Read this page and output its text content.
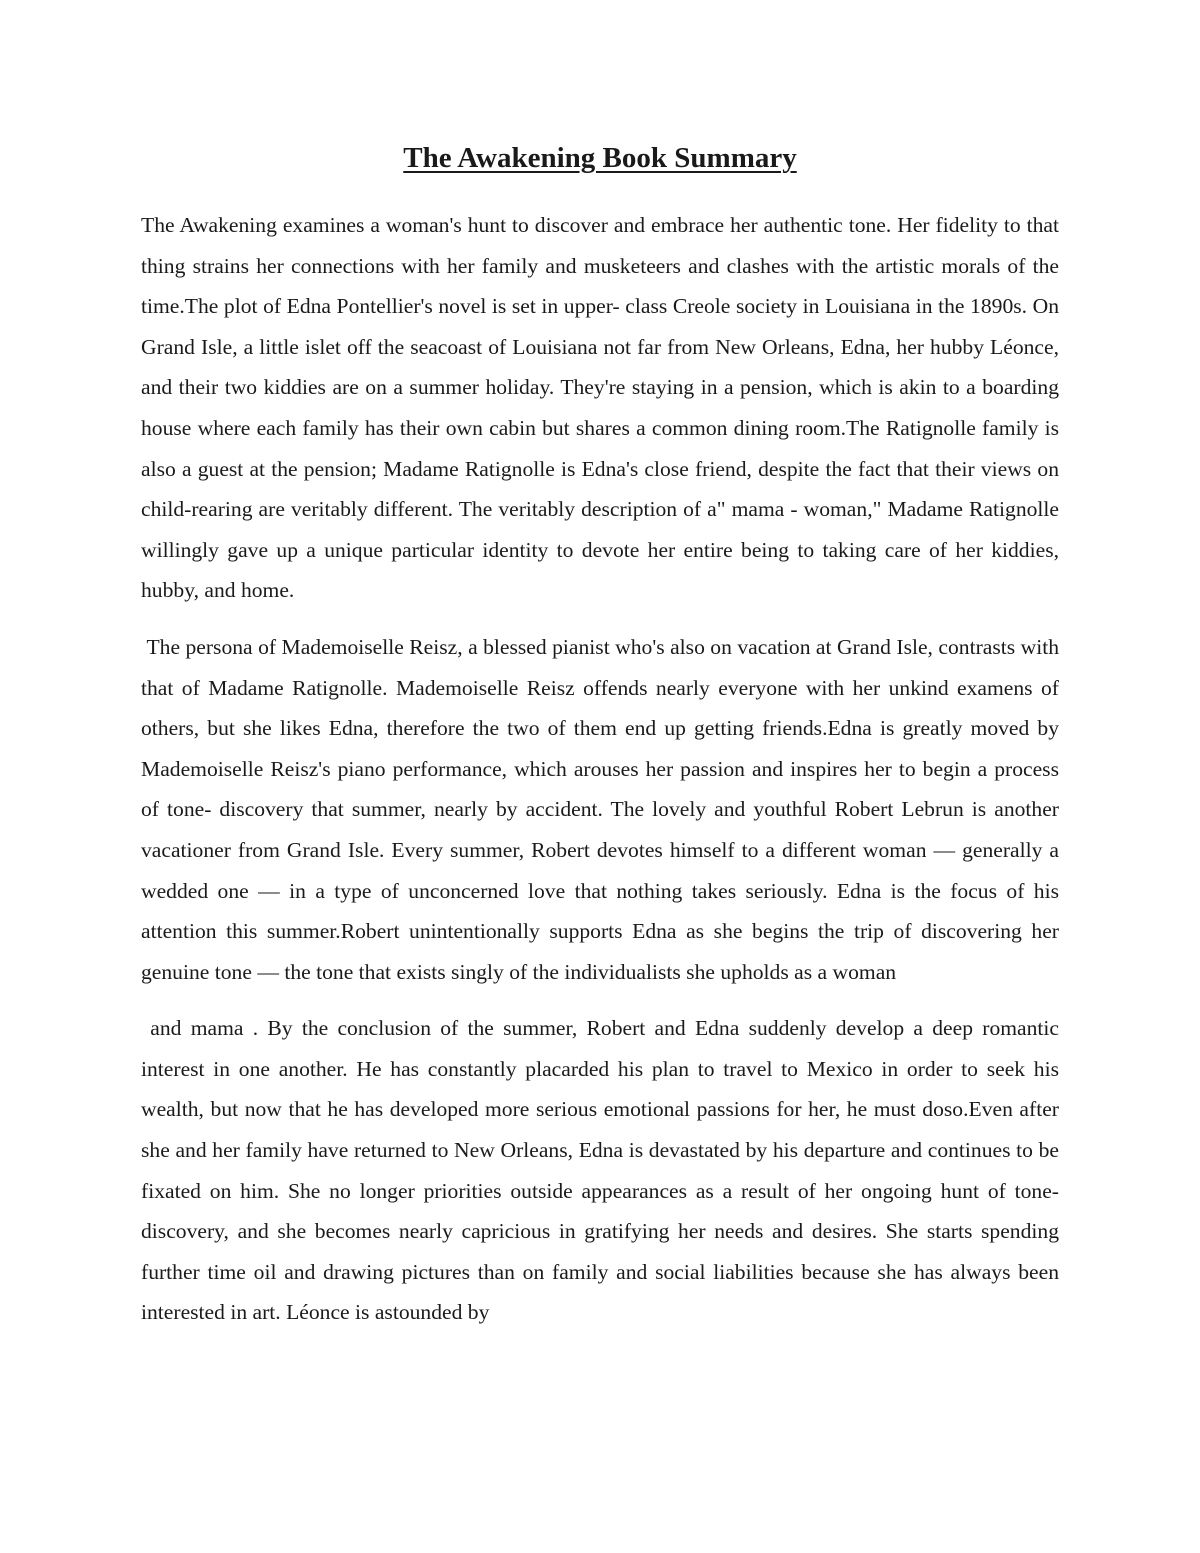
The Awakening Book Summary

The Awakening examines a woman's hunt to discover and embrace her authentic tone. Her fidelity to that thing strains her connections with her family and musketeers and clashes with the artistic morals of the time.The plot of Edna Pontellier's novel is set in upper- class Creole society in Louisiana in the 1890s. On Grand Isle, a little islet off the seacoast of Louisiana not far from New Orleans, Edna, her hubby Léonce, and their two kiddies are on a summer holiday. They're staying in a pension, which is akin to a boarding house where each family has their own cabin but shares a common dining room.The Ratignolle family is also a guest at the pension; Madame Ratignolle is Edna's close friend, despite the fact that their views on child-rearing are veritably different. The veritably description of a" mama - woman," Madame Ratignolle willingly gave up a unique particular identity to devote her entire being to taking care of her kiddies, hubby, and home.

The persona of Mademoiselle Reisz, a blessed pianist who's also on vacation at Grand Isle, contrasts with that of Madame Ratignolle. Mademoiselle Reisz offends nearly everyone with her unkind examens of others, but she likes Edna, therefore the two of them end up getting friends.Edna is greatly moved by Mademoiselle Reisz's piano performance, which arouses her passion and inspires her to begin a process of tone- discovery that summer, nearly by accident. The lovely and youthful Robert Lebrun is another vacationer from Grand Isle. Every summer, Robert devotes himself to a different woman — generally a wedded one — in a type of unconcerned love that nothing takes seriously. Edna is the focus of his attention this summer.Robert unintentionally supports Edna as she begins the trip of discovering her genuine tone — the tone that exists singly of the individualists she upholds as a woman

and mama . By the conclusion of the summer, Robert and Edna suddenly develop a deep romantic interest in one another. He has constantly placarded his plan to travel to Mexico in order to seek his wealth, but now that he has developed more serious emotional passions for her, he must doso.Even after she and her family have returned to New Orleans, Edna is devastated by his departure and continues to be fixated on him. She no longer priorities outside appearances as a result of her ongoing hunt of tone- discovery, and she becomes nearly capricious in gratifying her needs and desires. She starts spending further time oil and drawing pictures than on family and social liabilities because she has always been interested in art. Léonce is astounded by
